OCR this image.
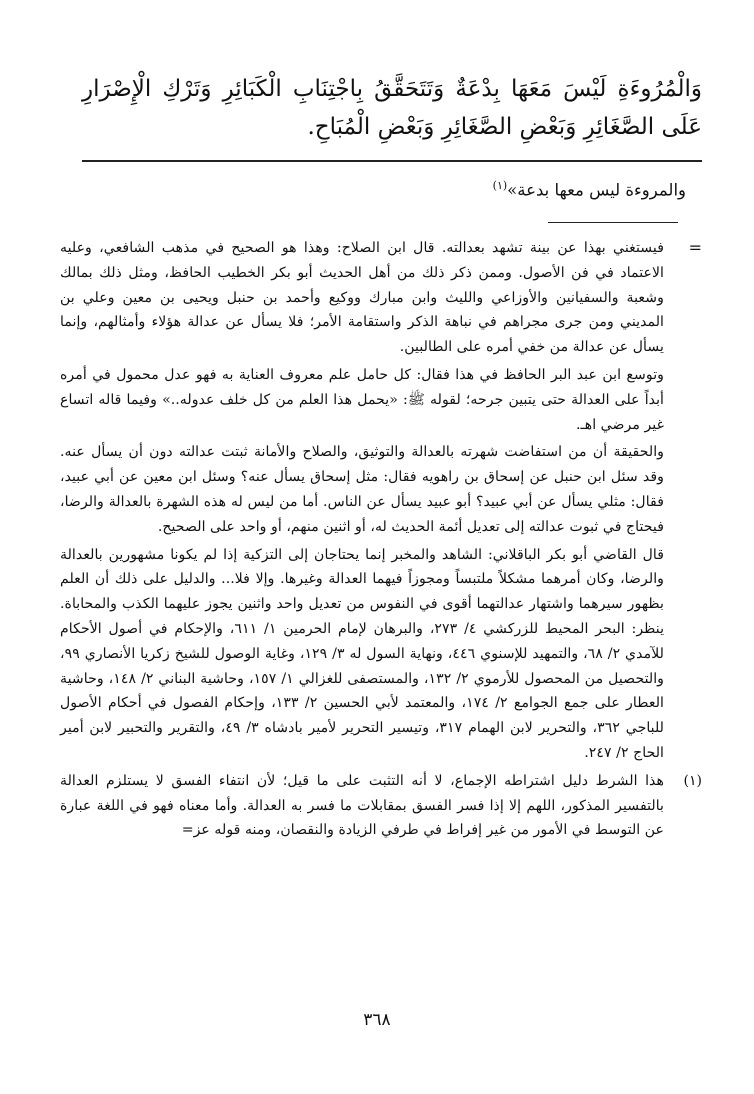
وَالْمُرُوءَةِ لَيْسَ مَعَهَا بِدْعَةٌ وَتَتَحَقَّقُ بِاجْتِنَابِ الْكَبَائِرِ وَتَرْكِ الْإِصْرَارِ عَلَى الصَّغَائِرِ وَبَعْضِ الصَّغَائِرِ وَبَعْضِ الْمُبَاحِ.
والمروءة ليس معها بدعة»$^{(١)}$
=

فيستغني بهذا عن بينة تشهد بعدالته. قال ابن الصلاح: وهذا هو الصحيح في مذهب الشافعي، وعليه الاعتماد في فن الأصول. وممن ذكر ذلك من أهل الحديث أبو بكر الخطيب الحافظ، ومثل ذلك بمالك وشعبة والسفيانين والأوزاعي والليث وابن مبارك ووكيع وأحمد بن حنبل ويحيى بن معين وعلي بن المديني ومن جرى مجراهم في نباهة الذكر واستقامة الأمر؛ فلا يسأل عن عدالة هؤلاء وأمثالهم، وإنما يسأل عن عدالة من خفي أمره على الطالبين.

وتوسع ابن عبد البر الحافظ في هذا فقال: كل حامل علم معروف العناية به فهو عدل محمول في أمره أبداً على العدالة حتى يتبين جرحه؛ لقوله ﷺ: «يحمل هذا العلم من كل خلف عدوله..» وفيما قاله اتساع غير مرضي اهـ.

والحقيقة أن من استفاضت شهرته بالعدالة والتوثيق، والصلاح والأمانة ثبتت عدالته دون أن يسأل عنه. وقد سئل ابن حنبل عن إسحاق بن راهويه فقال: مثل إسحاق يسأل عنه؟ وسئل ابن معين عن أبي عبيد، فقال: مثلي يسأل عن أبي عبيد؟ أبو عبيد يسأل عن الناس. أما من ليس له هذه الشهرة بالعدالة والرضا، فيحتاج في ثبوت عدالته إلى تعديل أئمة الحديث له، أو اثنين منهم، أو واحد على الصحيح.

قال القاضي أبو بكر الباقلاني: الشاهد والمخبر إنما يحتاجان إلى التزكية إذا لم يكونا مشهورين بالعدالة والرضا، وكان أمرهما مشكلاً ملتبساً ومجوزاً فيهما العدالة وغيرها. وإلا فلا... والدليل على ذلك أن العلم بظهور سيرهما واشتهار عدالتهما أقوى في النفوس من تعديل واحد واثنين يجوز عليهما الكذب والمحاباة. ينظر: البحر المحيط للزركشي ٤/ ٢٧٣، والبرهان لإمام الحرمين ١/ ٦١١، والإحكام في أصول الأحكام للآمدي ٢/ ٦٨، والتمهيد للإسنوي ٤٤٦، ونهاية السول له ٣/ ١٢٩، وغاية الوصول للشيخ زكريا الأنصاري ٩٩، والتحصيل من المحصول للأرموي ٢/ ١٣٢، والمستصفى للغزالي ١/ ١٥٧، وحاشية البناني ٢/ ١٤٨، وحاشية العطار على جمع الجوامع ٢/ ١٧٤، والمعتمد لأبي الحسين ٢/ ١٣٣، وإحكام الفصول في أحكام الأصول للباجي ٣٦٢، والتحرير لابن الهمام ٣١٧، وتيسير التحرير لأمير بادشاه ٣/ ٤٩، والتقرير والتحبير لابن أمير الحاج ٢/ ٢٤٧.

(١)

هذا الشرط دليل اشتراطه الإجماع، لا أنه التثبت على ما قيل؛ لأن انتفاء الفسق لا يستلزم العدالة بالتفسير المذكور، اللهم إلا إذا فسر الفسق بمقابلات ما فسر به العدالة. وأما معناه فهو في اللغة عبارة عن التوسط في الأمور من غير إفراط في طرفي الزيادة والنقصان، ومنه قوله عز=

٣٦٨
